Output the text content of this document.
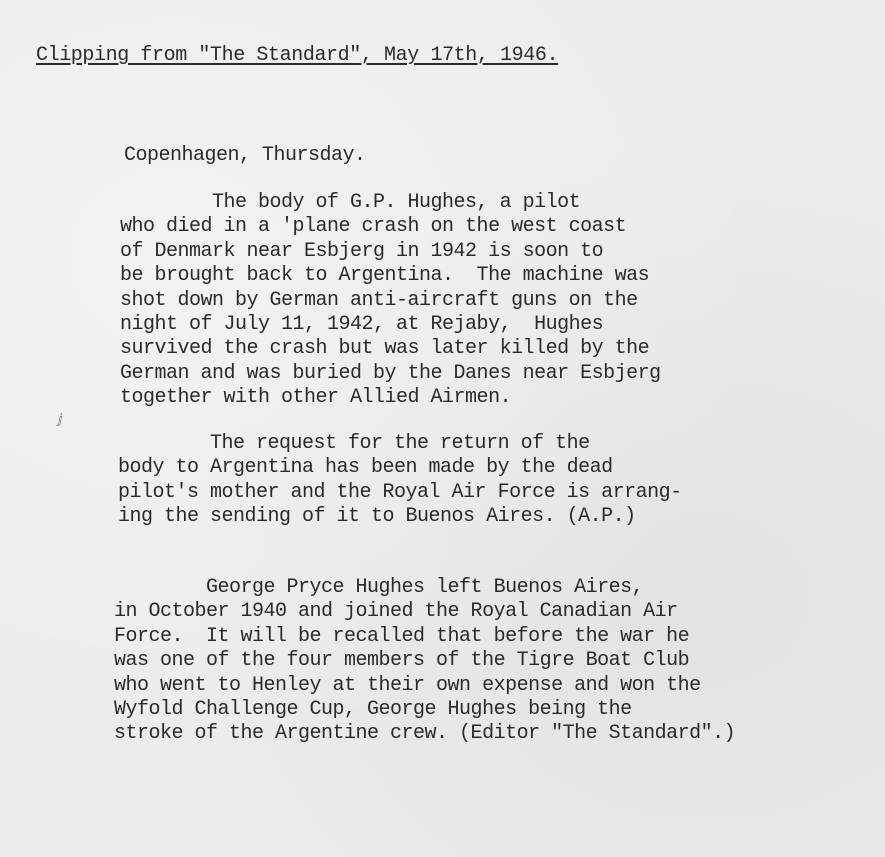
Clipping from "The Standard", May 17th, 1946.
Copenhagen, Thursday.
The body of G.P. Hughes, a pilot
who died in a 'plane crash on the west coast
of Denmark near Esbjerg in 1942 is soon to
be brought back to Argentina.  The machine was
shot down by German anti-aircraft guns on the
night of July 11, 1942, at Rejaby,  Hughes
survived the crash but was later killed by the
German and was buried by the Danes near Esbjerg
together with other Allied Airmen.
ⅉ
The request for the return of the
body to Argentina has been made by the dead
pilot's mother and the Royal Air Force is arrang-
ing the sending of it to Buenos Aires. (A.P.)
George Pryce Hughes left Buenos Aires,
in October 1940 and joined the Royal Canadian Air
Force.  It will be recalled that before the war he
was one of the four members of the Tigre Boat Club
who went to Henley at their own expense and won the
Wyfold Challenge Cup, George Hughes being the
stroke of the Argentine crew. (Editor "The Standard".)
